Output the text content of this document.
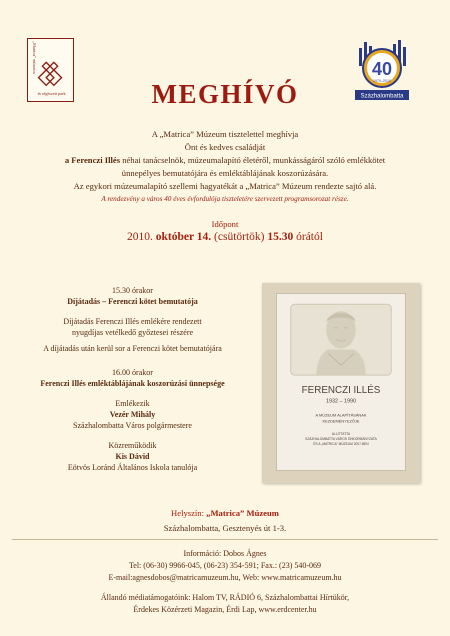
„Matrica” múzeum
és régészeti park
40
1970–2010
Százhalombatta
MEGHÍVÓ
A „Matrica” Múzeum tisztelettel meghívja
Önt és kedves családját
a Ferenczi Illés néhai tanácselnök, múzeumalapító életéről, munkásságáról szóló emlékkötet
ünnepélyes bemutatójára és emléktáblájának koszorúzására.
Az egykori múzeumalapító szellemi hagyatékát a „Matrica” Múzeum rendezte sajtó alá.
A rendezvény a város 40 éves évfordulója tiszteletére szervezett programsorozat része.
Időpont
2010. október 14. (csütörtök) 15.30 órától
15.30 órakor
Díjátadás – Ferenczi kötet bemutatója
Díjátadás Ferenczi Illés emlékére rendezett
nyugdíjas vetélkedő győztesei részére
A díjátadás után kerül sor a Ferenczi kötet bemutatójára
16.00 órakor
Ferenczi Illés emléktáblájának koszorúzási ünnepsége
Emlékezik
Vezér Mihály
Százhalombatta Város polgármestere
Közreműködik
Kis Dávid
Eötvös Loránd Általános Iskola tanulója
FERENCZI ILLÉS
1932 – 1990
A MÚZEUM ALAPÍTÁSÁNAK
KEZDEMÉNYEZŐJE
ÁLLÍTTATTA
SZÁZHALOMBATTA VÁROS ÖNKORMÁNYZATA
ÉS A „MATRICA” MÚZEUM 2007-BEN
Helyszín: „Matrica” Múzeum
Százhalombatta, Gesztenyés út 1-3.
Információ: Dobos Ágnes
Tel: (06-30) 9966-045, (06-23) 354-591; Fax.: (23) 540-069
E-mail:agnesdobos@matricamuzeum.hu, Web: www.matricamuzeum.hu
Állandó médiatámogatóink: Halom TV, RÁDIÓ 6, Százhalombattai Hírtükör,
Érdekes Közérzeti Magazin, Érdi Lap, www.erdcenter.hu
